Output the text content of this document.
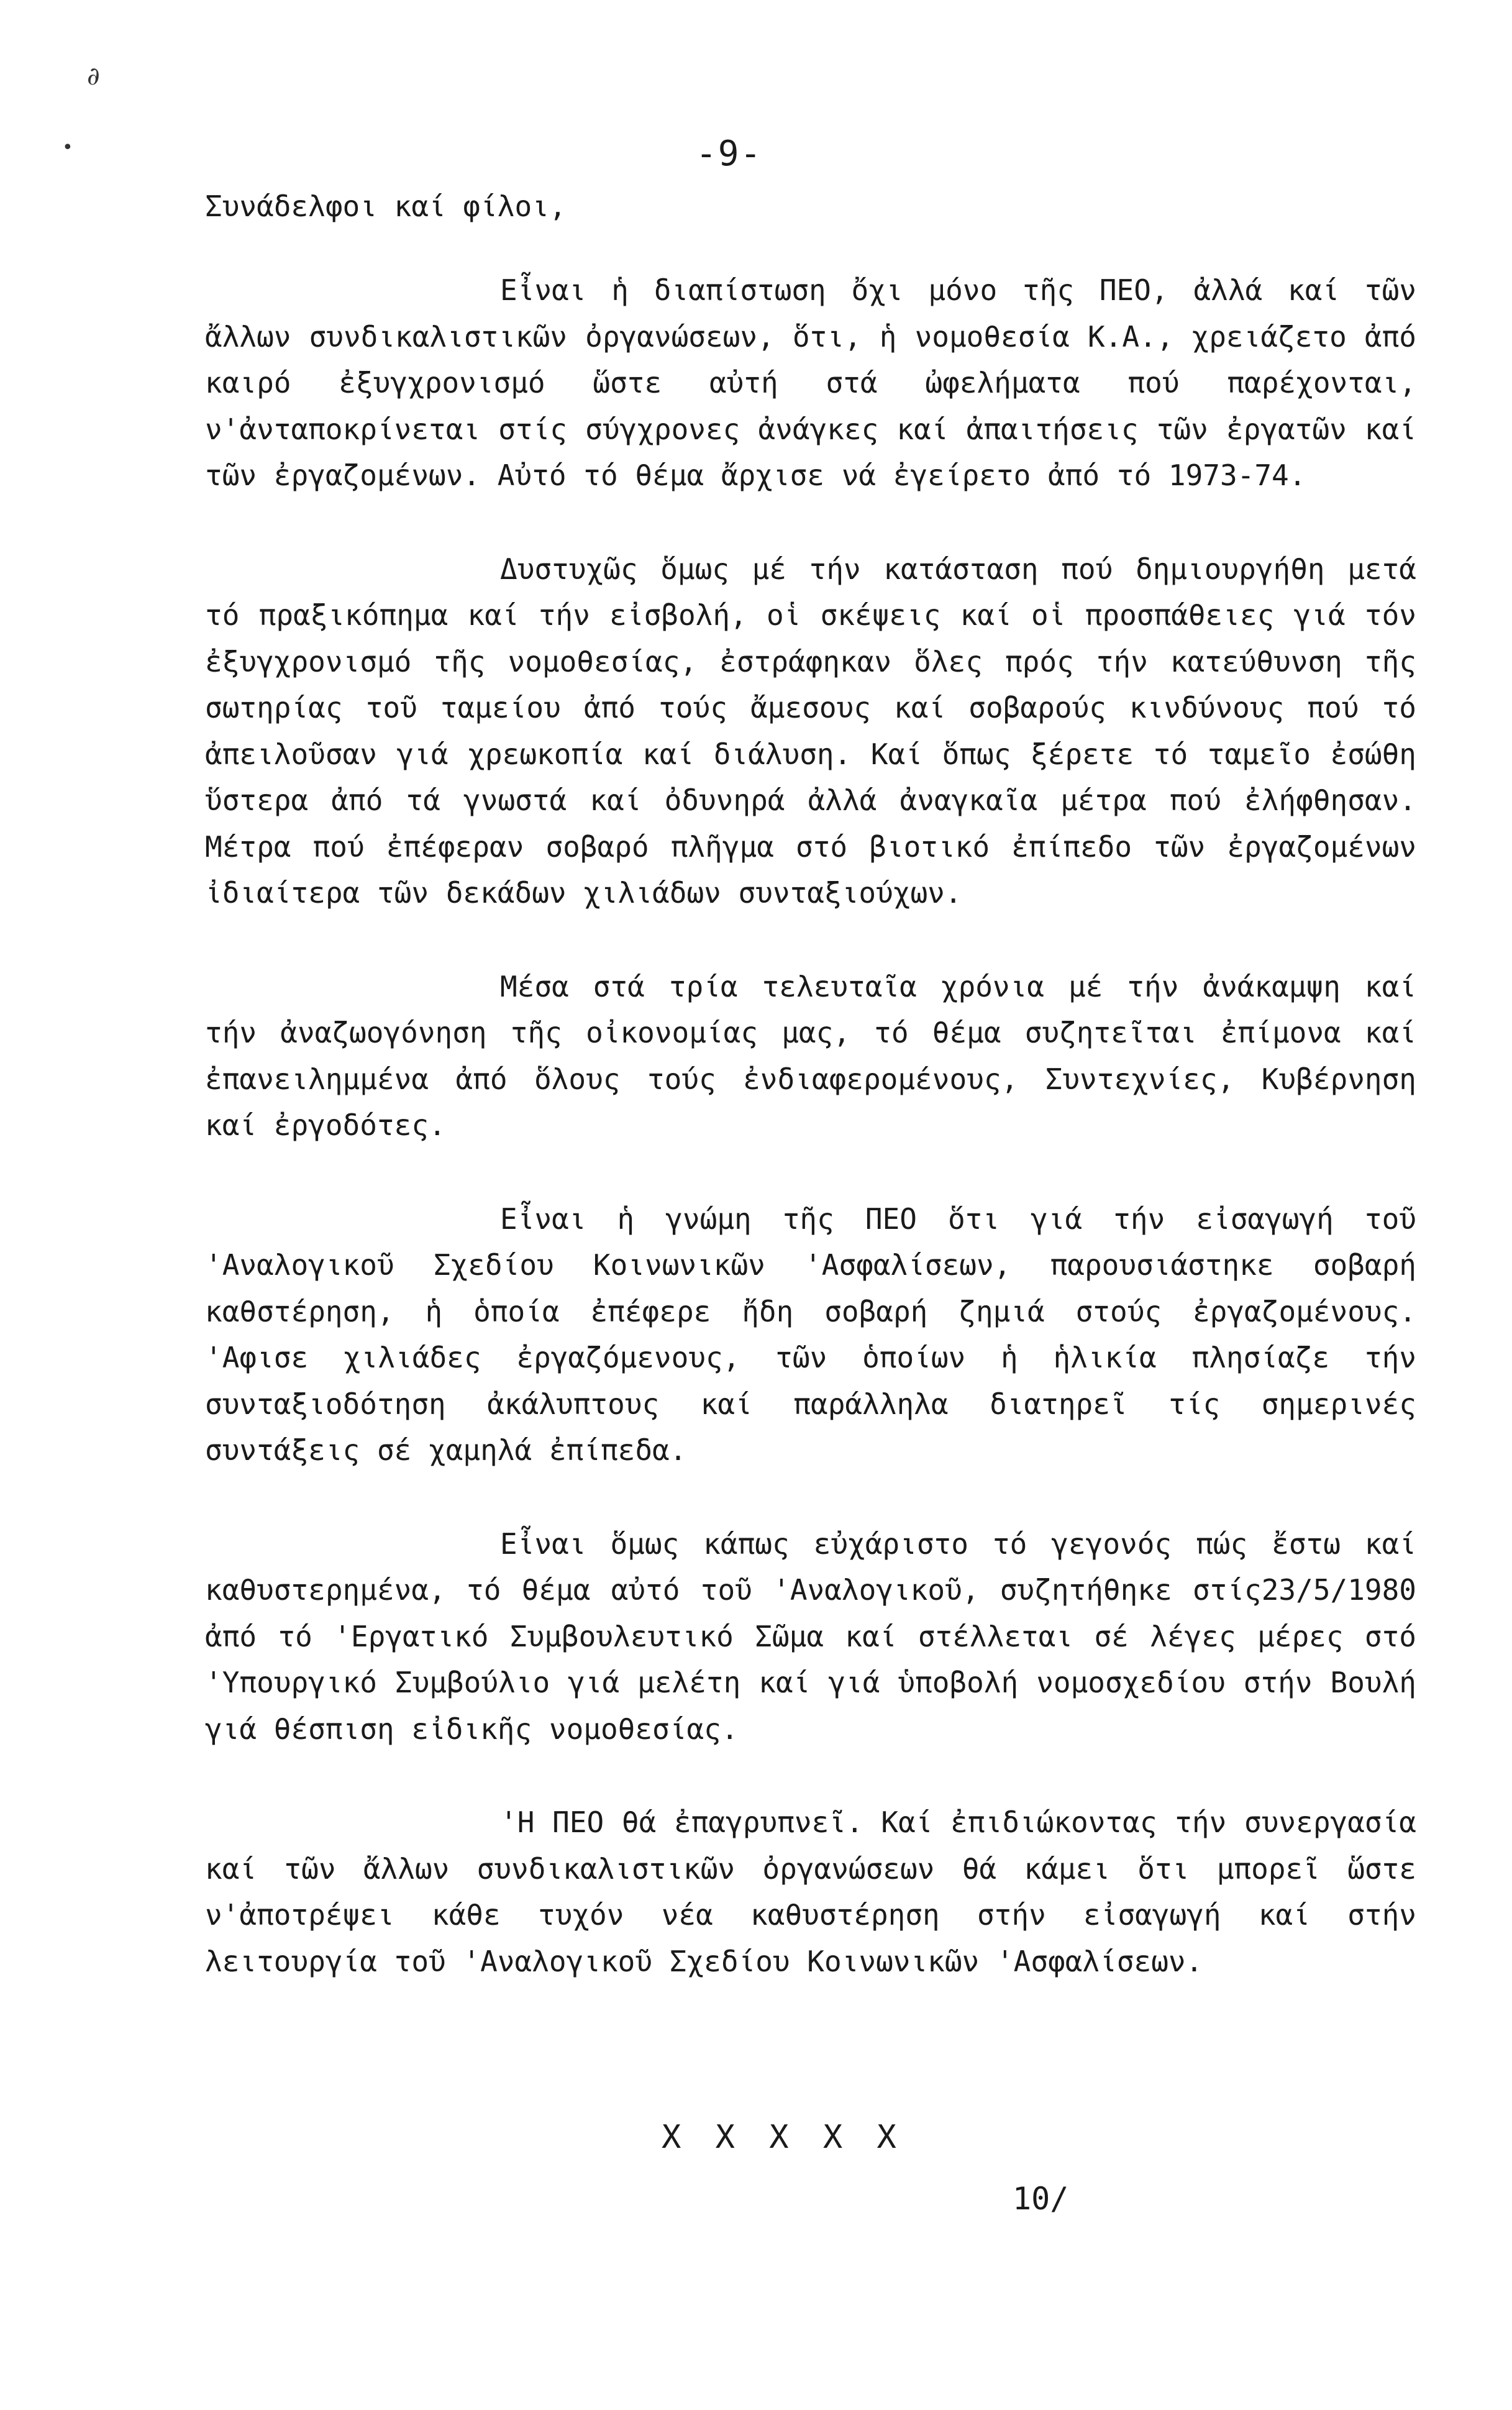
∂
•	-9-
Συνάδελφοι καί φίλοι,

Εἶναι ἡ διαπίστωση ὄχι μόνο τῆς ΠΕΟ, ἀλλά καί τῶν ἄλλων συνδικαλιστικῶν ὀργανώσεων, ὅτι, ἡ νομοθεσία Κ.Α., χρειάζετο ἀπό καιρό ἐξυγχρονισμό ὥστε αὐτή στά ὠφελήματα πού παρέχονται, ν'ἀνταποκρίνεται στίς σύγχρονες ἀνάγκες καί ἀπαιτήσεις τῶν ἐργατῶν καί τῶν ἐργαζομένων. Αὐτό τό θέμα ἄρχισε νά ἐγείρετο ἀπό τό 1973-74.

Δυστυχῶς ὅμως μέ τήν κατάσταση πού δημιουργήθη μετά τό πραξικόπημα καί τήν εἰσβολή, οἱ σκέψεις καί οἱ προσπάθειες γιά τόν ἐξυγχρονισμό τῆς νομοθεσίας, ἐστράφηκαν ὅλες πρός τήν κατεύθυνση τῆς σωτηρίας τοῦ ταμείου ἀπό τούς ἄμεσους καί σοβαρούς κινδύνους πού τό ἀπειλοῦσαν γιά χρεωκοπία καί διάλυση. Καί ὅπως ξέρετε τό ταμεῖο ἐσώθη ὕστερα ἀπό τά γνωστά καί ὀδυνηρά ἀλλά ἀναγκαῖα μέτρα πού ἐλήφθησαν. Μέτρα πού ἐπέφεραν σοβαρό πλῆγμα στό βιοτικό ἐπίπεδο τῶν ἐργαζομένων ἰδιαίτερα τῶν δεκάδων χιλιάδων συνταξιούχων.

Μέσα στά τρία τελευταῖα χρόνια μέ τήν ἀνάκαμψη καί τήν ἀναζωογόνηση τῆς οἰκονομίας μας, τό θέμα συζητεῖται ἐπίμονα καί ἐπανειλημμένα ἀπό ὅλους τούς ἐνδιαφερομένους, Συντεχνίες, Κυβέρνηση καί ἐργοδότες.

Εἶναι ἡ γνώμη τῆς ΠΕΟ ὅτι γιά τήν εἰσαγωγή τοῦ 'Αναλογικοῦ Σχεδίου Κοινωνικῶν 'Ασφαλίσεων, παρουσιάστηκε σοβαρή καθστέρηση, ἡ ὁποία ἐπέφερε ἤδη σοβαρή ζημιά στούς ἐργαζομένους. 'Αφισε χιλιάδες ἐργαζόμενους, τῶν ὁποίων ἡ ἡλικία πλησίαζε τήν συνταξιοδότηση ἀκάλυπτους καί παράλληλα διατηρεῖ τίς σημερινές συντάξεις σέ χαμηλά ἐπίπεδα.

Εἶναι ὅμως κάπως εὐχάριστο τό γεγονός πώς ἔστω καί καθυστερημένα, τό θέμα αὐτό τοῦ 'Αναλογικοῦ, συζητήθηκε στίς23/5/1980 ἀπό τό 'Εργατικό Συμβουλευτικό Σῶμα καί στέλλεται σέ λέγες μέρες στό 'Υπουργικό Συμβούλιο γιά μελέτη καί γιά ὑποβολή νομοσχεδίου στήν Βουλή γιά θέσπιση εἰδικῆς νομοθεσίας.

'Η ΠΕΟ θά ἐπαγρυπνεῖ. Καί ἐπιδιώκοντας τήν συνεργασία καί τῶν ἄλλων συνδικαλιστικῶν ὀργανώσεων θά κάμει ὅτι μπορεῖ ὥστε ν'ἀποτρέψει κάθε τυχόν νέα καθυστέρηση στήν εἰσαγωγή καί στήν λειτουργία τοῦ 'Αναλογικοῦ Σχεδίου Κοινωνικῶν 'Ασφαλίσεων.

X X X X X
10/
